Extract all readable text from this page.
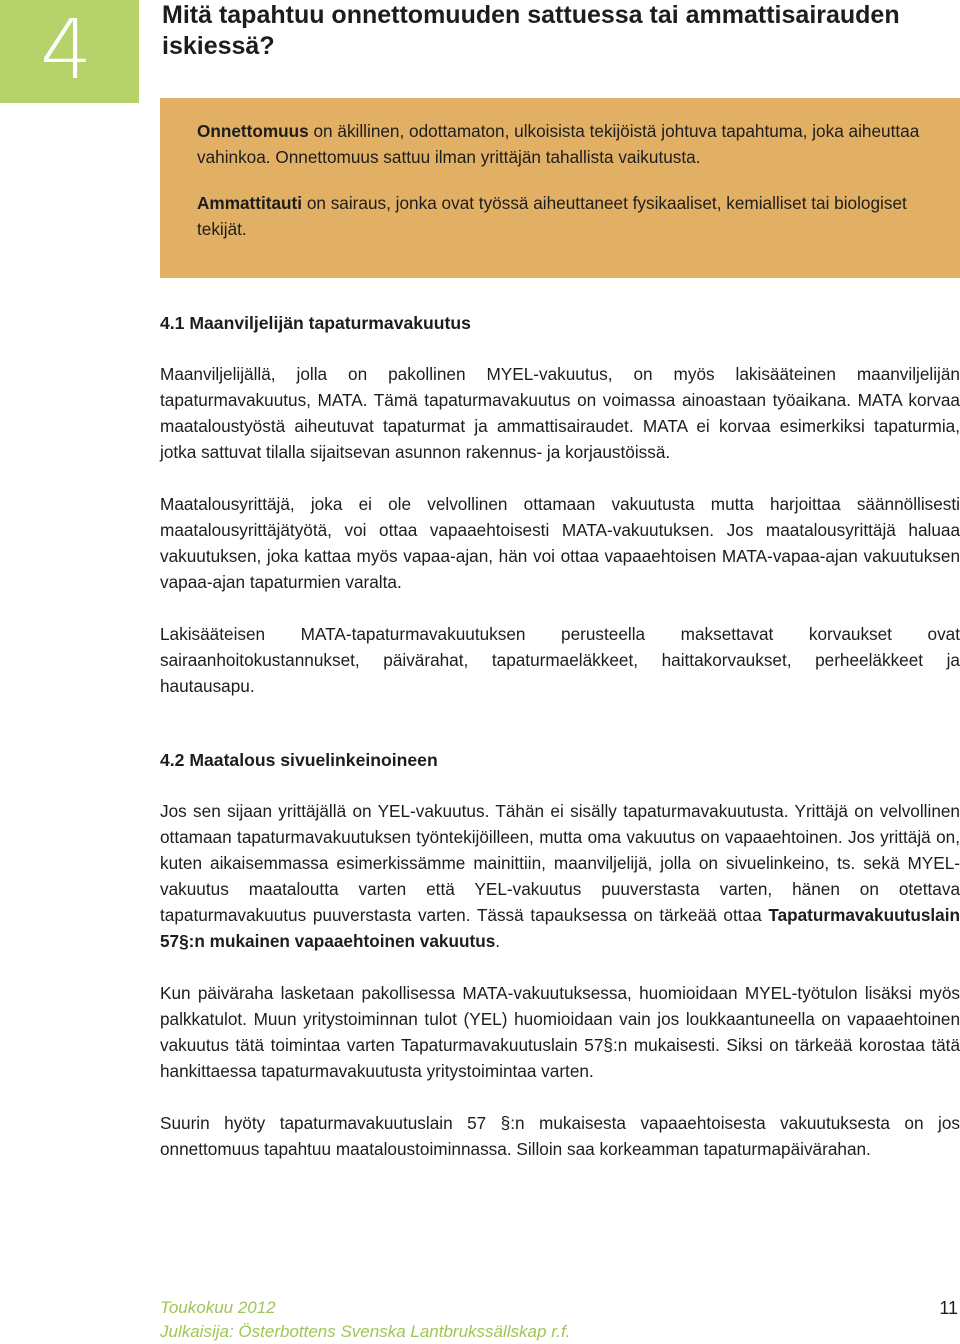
4	Mitä tapahtuu onnettomuuden sattuessa tai ammattisairauden iskiessä?

Onnettomuus on äkillinen, odottamaton, ulkoisista tekijöistä johtuva tapahtuma, joka aiheuttaa vahinkoa. Onnettomuus sattuu ilman yrittäjän tahallista vaikutusta.

Ammattitauti on sairaus, jonka ovat työssä aiheuttaneet fysikaaliset, kemialliset tai biologiset tekijät.

4.1 Maanviljelijän tapaturmavakuutus

Maanviljelijällä, jolla on pakollinen MYEL-vakuutus, on myös lakisääteinen maanviljelijän tapaturmavakuutus, MATA. Tämä tapaturmavakuutus on voimassa ainoastaan työaikana. MATA korvaa maataloustyöstä aiheutuvat tapaturmat ja ammattisairaudet. MATA ei korvaa esimerkiksi tapaturmia, jotka sattuvat tilalla sijaitsevan asunnon rakennus- ja korjaustöissä.

Maatalousyrittäjä, joka ei ole velvollinen ottamaan vakuutusta mutta harjoittaa säännöllisesti maatalousyrittäjätyötä, voi ottaa vapaaehtoisesti MATA-vakuutuksen. Jos maatalousyrittäjä haluaa vakuutuksen, joka kattaa myös vapaa-ajan, hän voi ottaa vapaaehtoisen MATA-vapaa-ajan vakuutuksen vapaa-ajan tapaturmien varalta.

Lakisääteisen MATA-tapaturmavakuutuksen perusteella maksettavat korvaukset ovat sairaanhoitokustannukset, päivärahat, tapaturmaeläkkeet, haittakorvaukset, perheeläkkeet ja hautausapu.

4.2 Maatalous sivuelinkeinoineen

Jos sen sijaan yrittäjällä on YEL-vakuutus. Tähän ei sisälly tapaturmavakuutusta. Yrittäjä on velvollinen ottamaan tapaturmavakuutuksen työntekijöilleen, mutta oma vakuutus on vapaaehtoinen. Jos yrittäjä on, kuten aikaisemmassa esimerkissämme mainittiin, maanviljelijä, jolla on sivuelinkeino, ts. sekä MYEL-vakuutus maataloutta varten että YEL-vakuutus puuverstasta varten, hänen on otettava tapaturmavakuutus puuverstasta varten. Tässä tapauksessa on tärkeää ottaa Tapaturmavakuutuslain 57§:n mukainen vapaaehtoinen vakuutus.

Kun päiväraha lasketaan pakollisessa MATA-vakuutuksessa, huomioidaan MYEL-työtulon lisäksi myös palkkatulot. Muun yritystoiminnan tulot (YEL) huomioidaan vain jos loukkaantuneella on vapaaehtoinen vakuutus tätä toimintaa varten Tapaturmavakuutuslain 57§:n mukaisesti. Siksi on tärkeää korostaa tätä hankittaessa tapaturmavakuutusta yritystoimintaa varten.

Suurin hyöty tapaturmavakuutuslain 57 §:n mukaisesta vapaaehtoisesta vakuutuksesta on jos onnettomuus tapahtuu maataloustoiminnassa. Silloin saa korkeamman tapaturmapäivärahan.

Toukokuu 2012
Julkaisija: Österbottens Svenska Lantbrukssällskap r.f.
11
